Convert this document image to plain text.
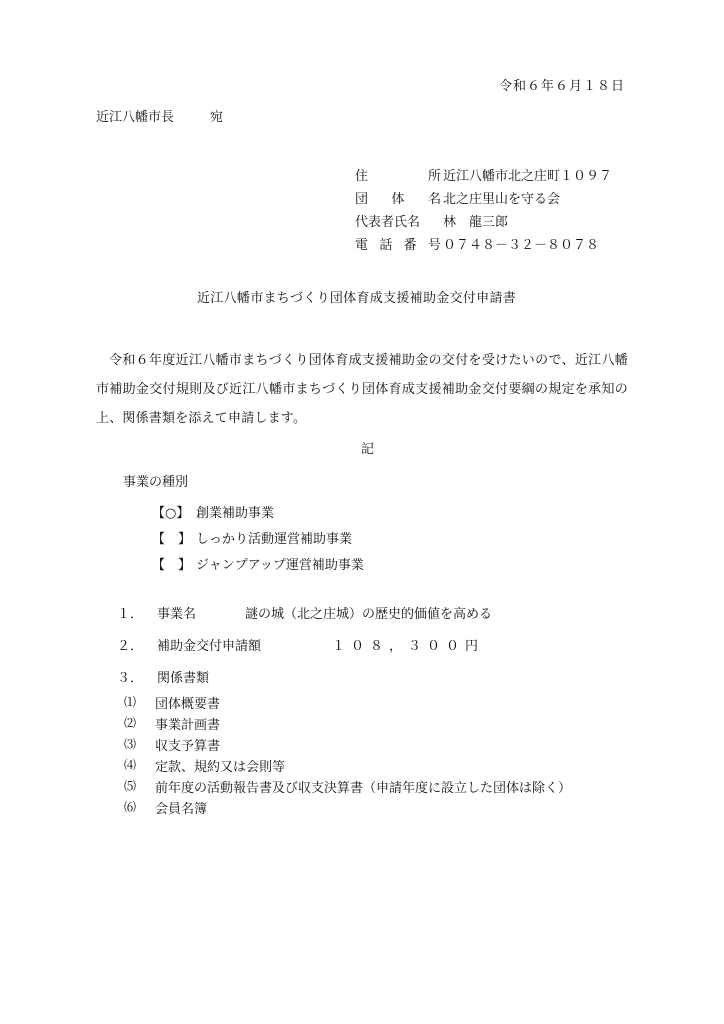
令和６年６月１８日
近江八幡市長	宛
住	所 近江八幡市北之庄町１０９７
団 体 名 北之庄里山を守る会
代表者氏名	林　龍三郎
電 話 番 号 ０７４８－３２－８０７８
近江八幡市まちづくり団体育成支援補助金交付申請書

令和６年度近江八幡市まちづくり団体育成支援補助金の交付を受けたいので、近江八幡市補助金交付規則及び近江八幡市まちづくり団体育成支援補助金交付要綱の規定を承知の上、関係書類を添えて申請します。

記
事業の種別
【○】 創業補助事業
【　】 しっかり活動運営補助事業
【　】 ジャンプアップ運営補助事業
１．	事業名	謎の城（北之庄城）の歴史的価値を高める
２．	補助金交付申請額	１０８，３００円
３．	関係書類
⑴	団体概要書
⑵	事業計画書
⑶	収支予算書
⑷	定款、規約又は会則等
⑸	前年度の活動報告書及び収支決算書（申請年度に設立した団体は除く）
⑹	会員名簿
